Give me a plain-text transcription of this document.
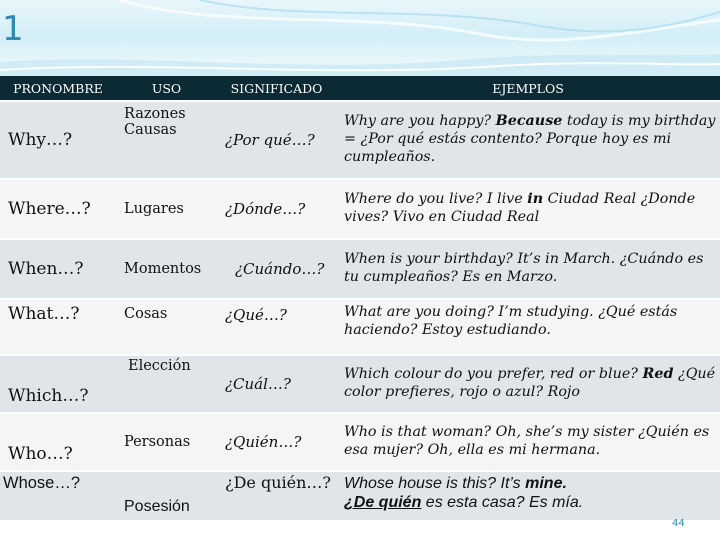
1
PRONOMBRE	USO	SIGNIFICADO	EJEMPLOS
Why…?	Razones Causas	¿Por qué…?	Why are you happy? Because today is my birthday = ¿Por qué estás contento? Porque hoy es mi cumpleaños.
Where…?	Lugares	¿Dónde…?	Where do you live? I live in Ciudad Real ¿Donde vives? Vivo en Ciudad Real
When…?	Momentos	¿Cuándo…?	When is your birthday? It’s in March. ¿Cuándo es tu cumpleaños? Es en Marzo.
What…?	Cosas	¿Qué…?	What are you doing? I’m studying. ¿Qué estás haciendo? Estoy estudiando.
Which…?	Elección	¿Cuál…?	Which colour do you prefer, red or blue? Red ¿Qué color prefieres, rojo o azul? Rojo
Who…?	Personas	¿Quién…?	Who is that woman? Oh, she’s my sister ¿Quién es esa mujer? Oh, ella es mi hermana.
Whose…?	Posesión	¿De quién…?	Whose house is this? It’s mine.
¿De quién es esta casa? Es mía.
44
